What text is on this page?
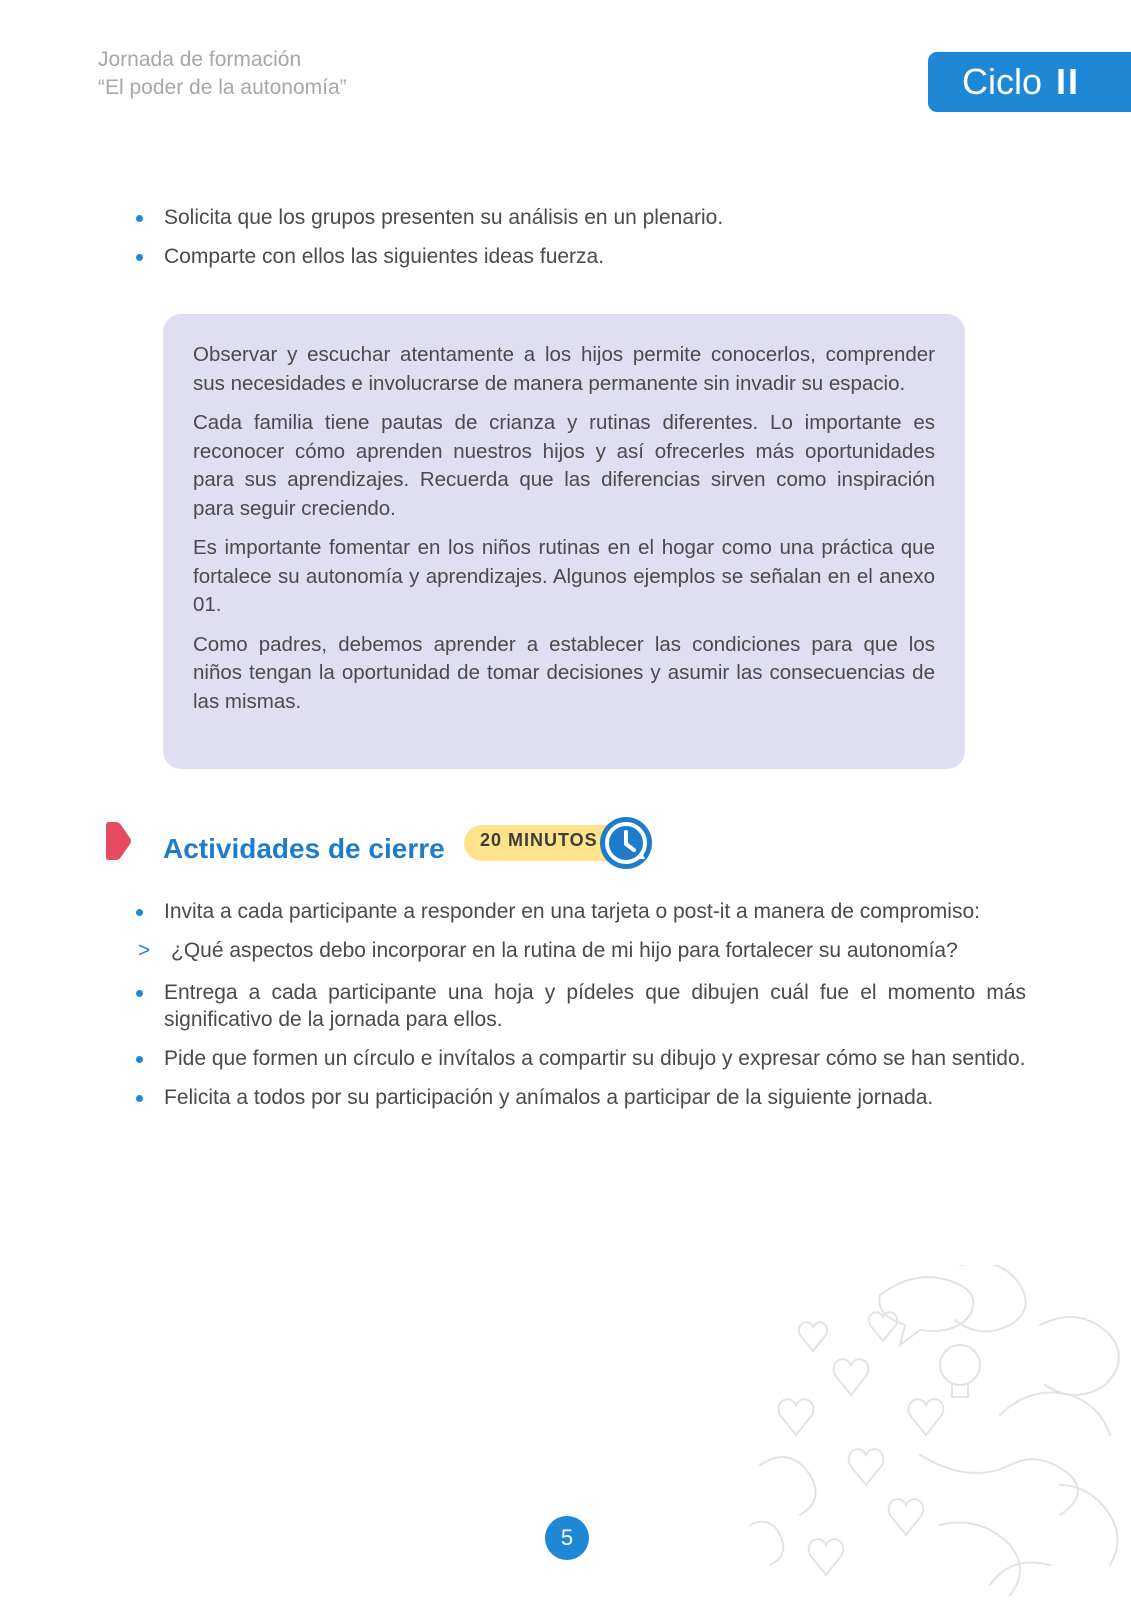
Jornada de formación
“El poder de la autonomía”	Ciclo II
Solicita que los grupos presenten su análisis en un plenario.
Comparte con ellos las siguientes ideas fuerza.

Observar y escuchar atentamente a los hijos permite conocerlos, comprender sus necesidades e involucrarse de manera permanente sin invadir su espacio.

Cada familia tiene pautas de crianza y rutinas diferentes. Lo importante es reconocer cómo aprenden nuestros hijos y así ofrecerles más oportunidades para sus aprendizajes. Recuerda que las diferencias sirven como inspiración para seguir creciendo.

Es importante fomentar en los niños rutinas en el hogar como una práctica que fortalece su autonomía y aprendizajes. Algunos ejemplos se señalan en el anexo 01.

Como padres, debemos aprender a establecer las condiciones para que los niños tengan la oportunidad de tomar decisiones y asumir las consecuencias de las mismas.

Actividades de cierre 20 MINUTOS
Invita a cada participante a responder en una tarjeta o post-it a manera de compromiso:
> ¿Qué aspectos debo incorporar en la rutina de mi hijo para fortalecer su autonomía?
Entrega a cada participante una hoja y pídeles que dibujen cuál fue el momento más significativo de la jornada para ellos.
Pide que formen un círculo e invítalos a compartir su dibujo y expresar cómo se han sentido.
Felicita a todos por su participación y anímalos a participar de la siguiente jornada.
5
